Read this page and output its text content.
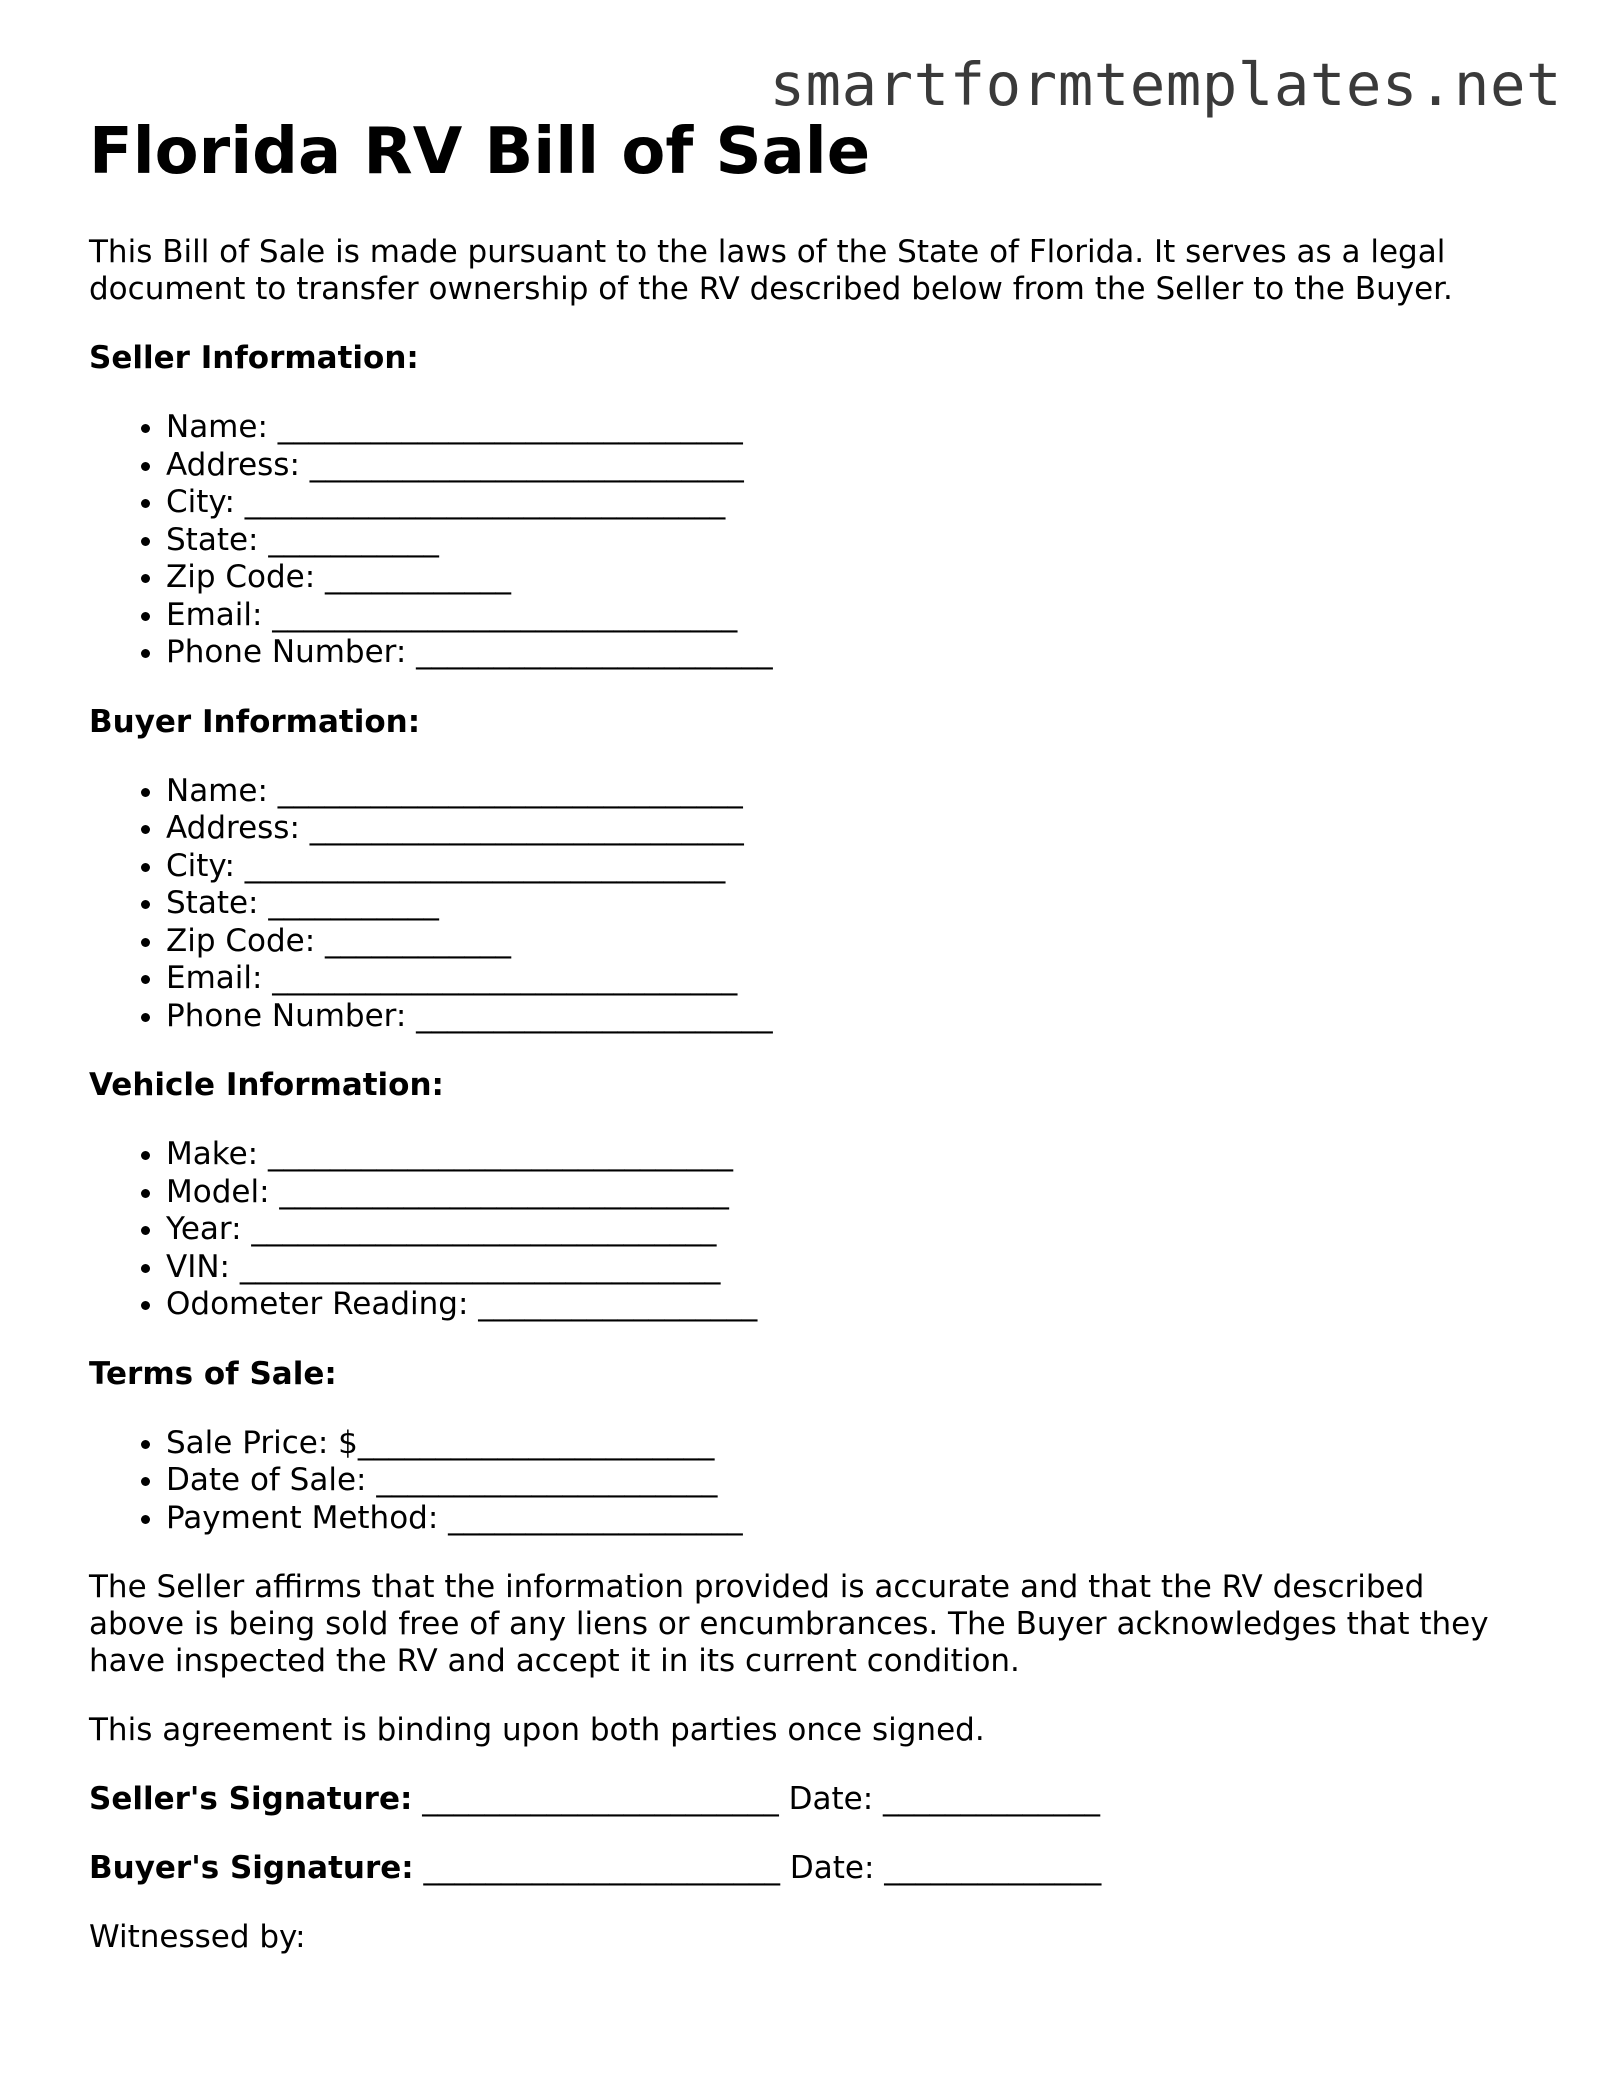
smartformtemplates.net
Florida RV Bill of Sale

This Bill of Sale is made pursuant to the laws of the State of Florida. It serves as a legal document to transfer ownership of the RV described below from the Seller to the Buyer.

Seller Information:
• Name: ______________________________
• Address: ____________________________
• City: _______________________________
• State: ___________
• Zip Code: ____________
• Email: ______________________________
• Phone Number: _______________________
Buyer Information:
• Name: ______________________________
• Address: ____________________________
• City: _______________________________
• State: ___________
• Zip Code: ____________
• Email: ______________________________
• Phone Number: _______________________
Vehicle Information:
• Make: ______________________________
• Model: _____________________________
• Year: ______________________________
• VIN: _______________________________
• Odometer Reading: __________________
Terms of Sale:
• Sale Price: $_______________________
• Date of Sale: ______________________
• Payment Method: ___________________

The Seller affirms that the information provided is accurate and that the RV described above is being sold free of any liens or encumbrances. The Buyer acknowledges that they have inspected the RV and accept it in its current condition.

This agreement is binding upon both parties once signed.

Seller's Signature: _______________________ Date: ______________
Buyer's Signature: _______________________ Date: ______________
Witnessed by:
